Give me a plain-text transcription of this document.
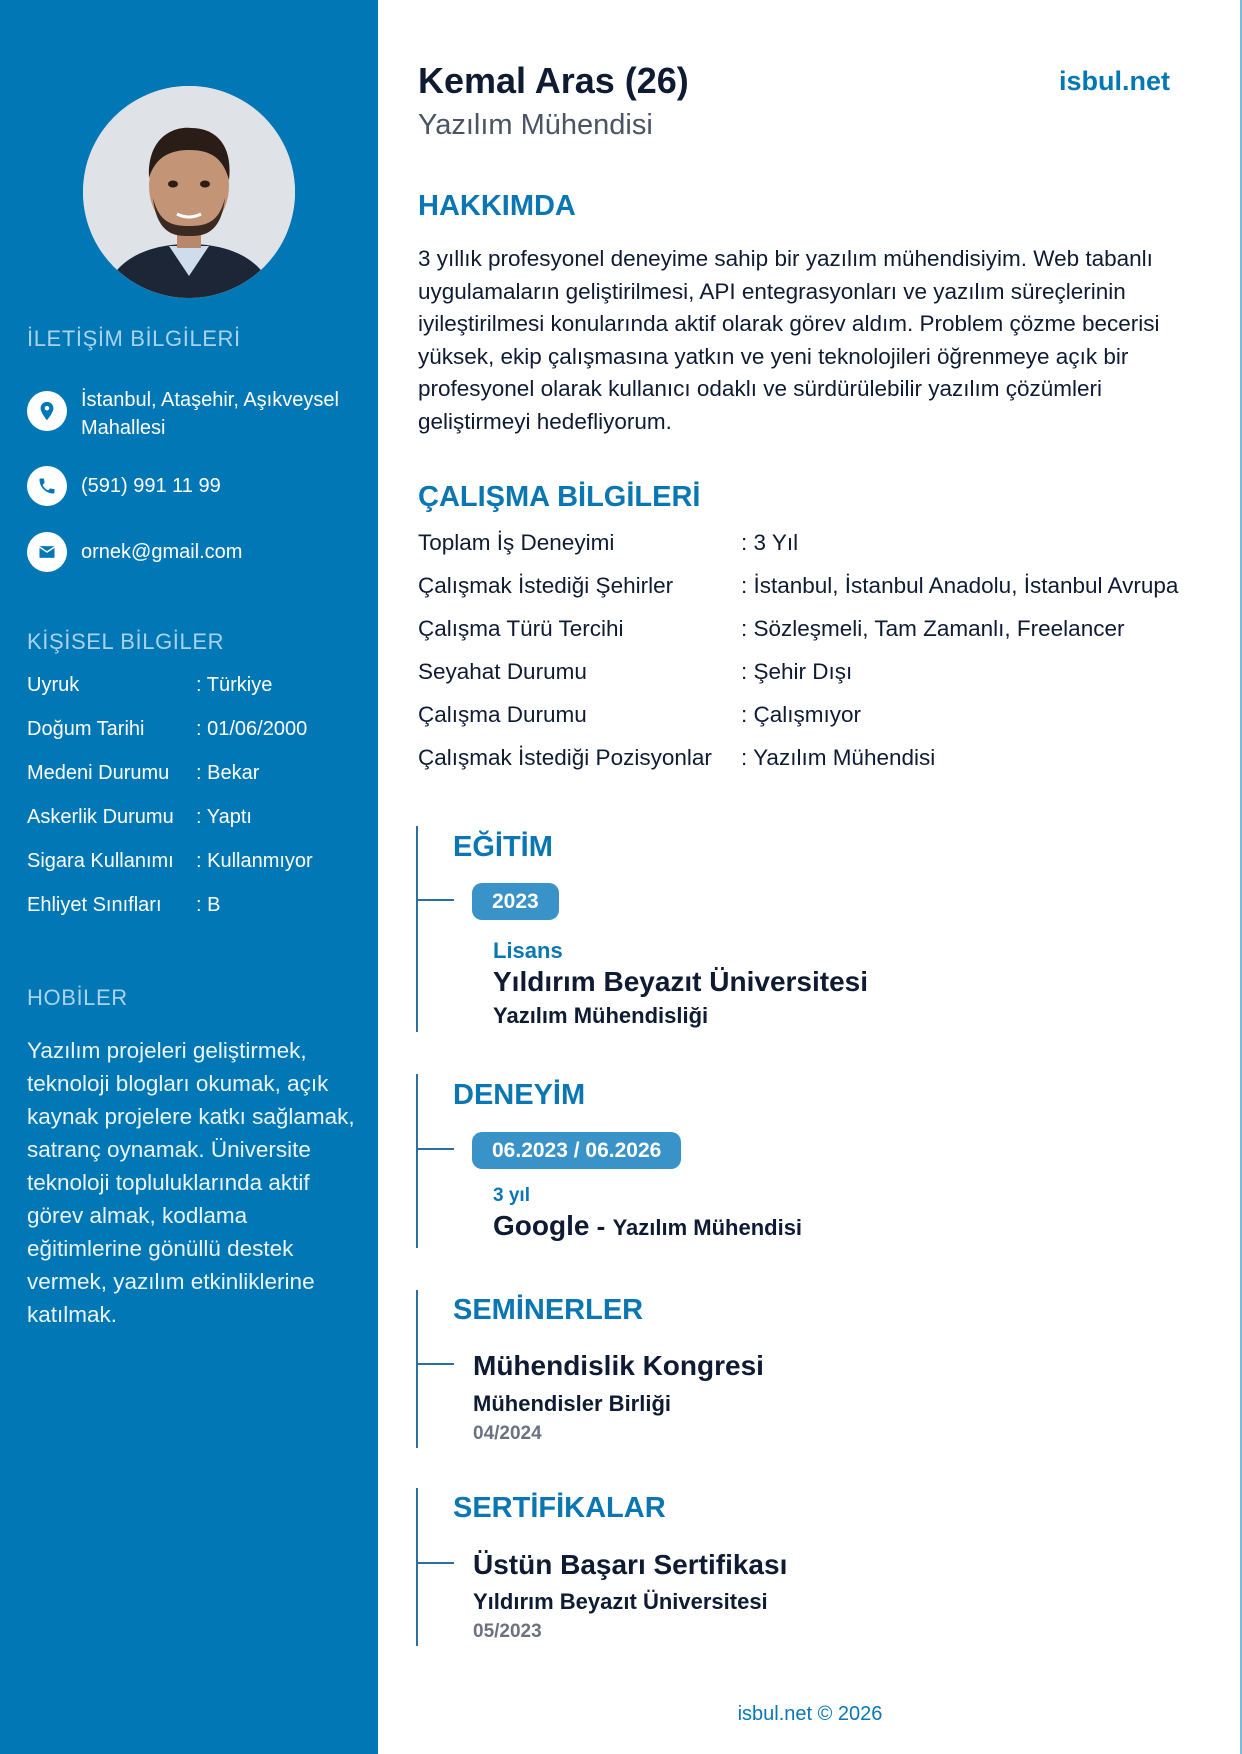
İLETİŞİM BİLGİLERİ
İstanbul, Ataşehir, Aşıkveysel Mahallesi
(591) 991 11 99
ornek@gmail.com
KİŞİSEL BİLGİLER
Uyruk	: Türkiye
Doğum Tarihi	: 01/06/2000
Medeni Durumu	: Bekar
Askerlik Durumu	: Yaptı
Sigara Kullanımı	: Kullanmıyor
Ehliyet Sınıfları	: B
HOBİLER
Yazılım projeleri geliştirmek, teknoloji blogları okumak, açık kaynak projelere katkı sağlamak, satranç oynamak. Üniversite teknoloji topluluklarında aktif görev almak, kodlama eğitimlerine gönüllü destek vermek, yazılım etkinliklerine katılmak.
Kemal Aras (26)
Yazılım Mühendisi
isbul.net
HAKKIMDA
3 yıllık profesyonel deneyime sahip bir yazılım mühendisiyim. Web tabanlı uygulamaların geliştirilmesi, API entegrasyonları ve yazılım süreçlerinin iyileştirilmesi konularında aktif olarak görev aldım. Problem çözme becerisi yüksek, ekip çalışmasına yatkın ve yeni teknolojileri öğrenmeye açık bir profesyonel olarak kullanıcı odaklı ve sürdürülebilir yazılım çözümleri geliştirmeyi hedefliyorum.
ÇALIŞMA BİLGİLERİ
Toplam İş Deneyimi	: 3 Yıl
Çalışmak İstediği Şehirler	: İstanbul, İstanbul Anadolu, İstanbul Avrupa
Çalışma Türü Tercihi	: Sözleşmeli, Tam Zamanlı, Freelancer
Seyahat Durumu	: Şehir Dışı
Çalışma Durumu	: Çalışmıyor
Çalışmak İstediği Pozisyonlar	: Yazılım Mühendisi
EĞİTİM
2023
Lisans
Yıldırım Beyazıt Üniversitesi
Yazılım Mühendisliği
DENEYİM
06.2023 / 06.2026
3 yıl
Google - Yazılım Mühendisi
SEMİNERLER
Mühendislik Kongresi
Mühendisler Birliği
04/2024
SERTİFİKALAR
Üstün Başarı Sertifikası
Yıldırım Beyazıt Üniversitesi
05/2023
isbul.net © 2026
